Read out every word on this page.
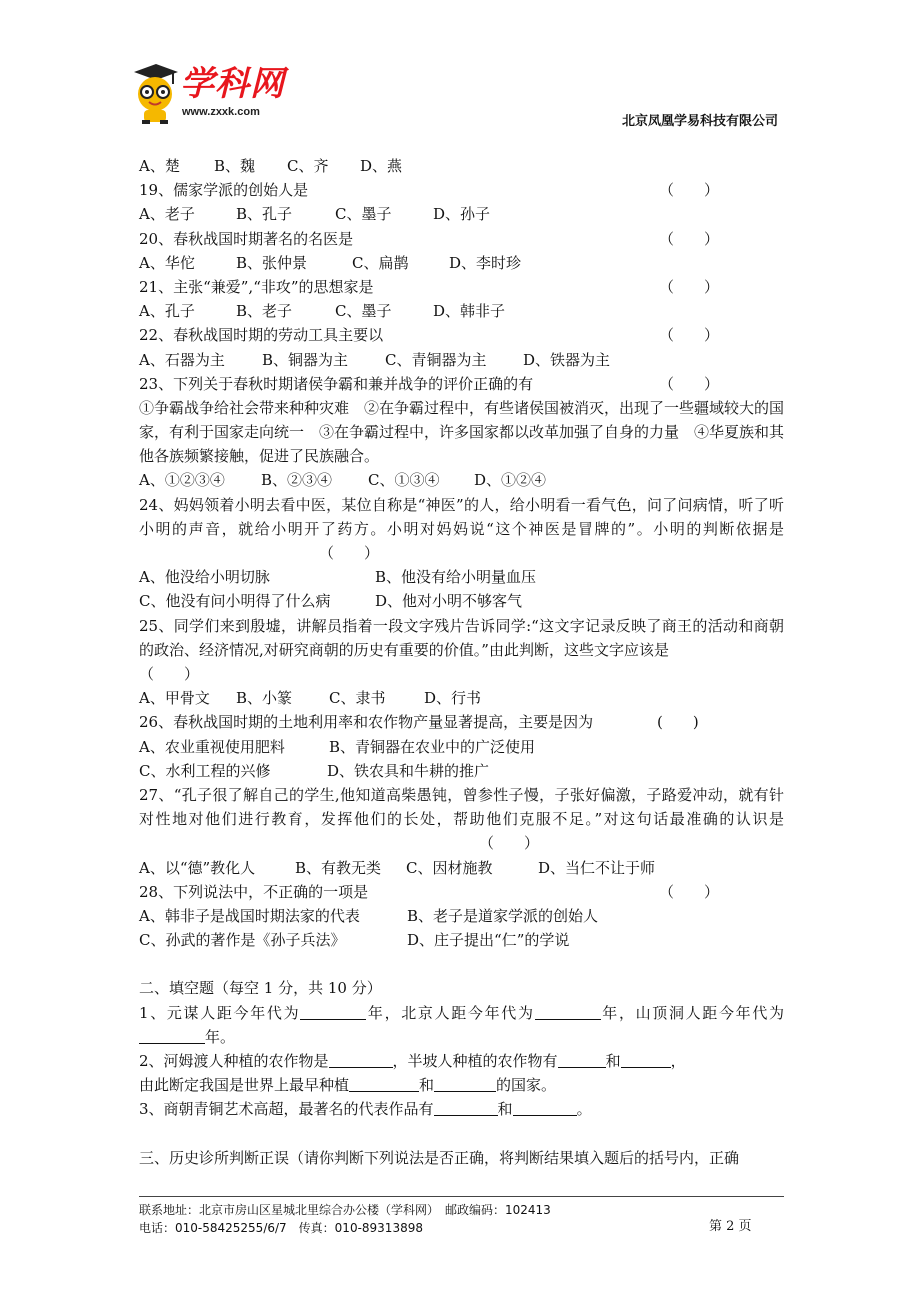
学科网
www.zxxk.com
北京凤凰学易科技有限公司
A、楚 B、魏 C、齐 D、燕
19、儒家学派的创始人是	（　　）
A、老子	B、孔子	C、墨子	D、孙子
20、春秋战国时期著名的名医是	（　　）
A、华佗	B、张仲景	C、扁鹊	D、李时珍
21、主张“兼爱”,“非攻”的思想家是	（　　）
A、孔子	B、老子	C、墨子	D、韩非子
22、春秋战国时期的劳动工具主要以	（　　）
A、石器为主 B、铜器为主 C、青铜器为主 D、铁器为主
23、下列关于春秋时期诸侯争霸和兼并战争的评价正确的有	（　　）
①争霸战争给社会带来种种灾难　②在争霸过程中，有些诸侯国被消灭，出现了一些疆域较大的国家，有利于国家走向统一　③在争霸过程中，许多国家都以改革加强了自身的力量　④华夏族和其他各族频繁接触，促进了民族融合。
A、①②③④ B、②③④ C、①③④ D、①②④
24、妈妈领着小明去看中医，某位自称是“神医”的人，给小明看一看气色，问了问病情，听了听小明的声音，就给小明开了药方。小明对妈妈说“这个神医是冒牌的”。小明的判断依据是（　　）
A、他没给小明切脉	B、他没有给小明量血压
C、他没有问小明得了什么病	D、他对小明不够客气
25、同学们来到殷墟，讲解员指着一段文字残片告诉同学:“这文字记录反映了商王的活动和商朝的政治、经济情况,对研究商朝的历史有重要的价值。”由此判断，这些文字应该是
（　　）
A、甲骨文 B、小篆 C、隶书	D、行书
26、春秋战国时期的土地利用率和农作物产量显著提高，主要是因为	(　　)
A、农业重视使用肥料	B、青铜器在农业中的广泛使用
C、水利工程的兴修	D、铁农具和牛耕的推广
27、“孔子很了解自己的学生,他知道高柴愚钝，曾参性子慢，子张好偏激，子路爱冲动，就有针对性地对他们进行教育，发挥他们的长处，帮助他们克服不足。”对这句话最准确的认识是（　　）
A、以“德”教化人	B、有教无类 C、因材施教	D、当仁不让于师
28、下列说法中，不正确的一项是	（　　）
A、韩非子是战国时期法家的代表	B、老子是道家学派的创始人
C、孙武的著作是《孙子兵法》	D、庄子提出“仁”的学说
二、填空题（每空 1 分，共 10 分）
1、元谋人距今年代为	年，北京人距今年代为	年，山顶洞人距今年代为年。
2、河姆渡人种植的农作物是	，半坡人种植的农作物有	和	，
由此断定我国是世界上最早种植	和	的国家。
3、商朝青铜艺术高超，最著名的代表作品有	和	。
三、历史诊所判断正误（请你判断下列说法是否正确，将判断结果填入题后的括号内，正确
联系地址：北京市房山区星城北里综合办公楼（学科网）　邮政编码：102413
电话：010-58425255/6/7　传真：010-89313898	第 2 页
